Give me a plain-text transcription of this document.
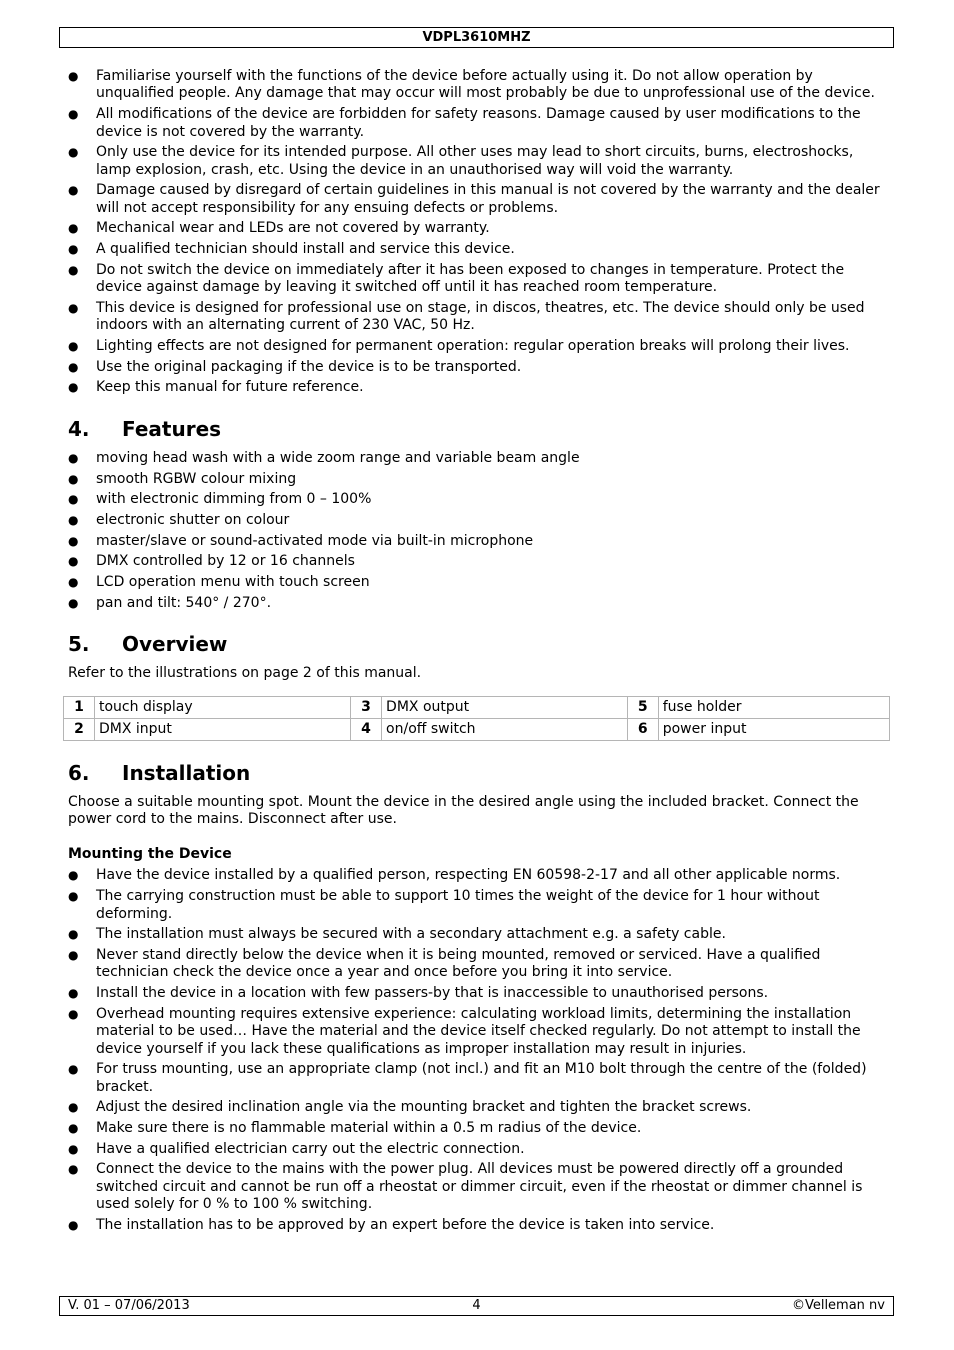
VDPL3610MHZ
● Familiarise yourself with the functions of the device before actually using it. Do not allow operation by unqualified people. Any damage that may occur will most probably be due to unprofessional use of the device.
● All modifications of the device are forbidden for safety reasons. Damage caused by user modifications to the device is not covered by the warranty.
● Only use the device for its intended purpose. All other uses may lead to short circuits, burns, electroshocks, lamp explosion, crash, etc. Using the device in an unauthorised way will void the warranty.
● Damage caused by disregard of certain guidelines in this manual is not covered by the warranty and the dealer will not accept responsibility for any ensuing defects or problems.
● Mechanical wear and LEDs are not covered by warranty.
● A qualified technician should install and service this device.
● Do not switch the device on immediately after it has been exposed to changes in temperature. Protect the device against damage by leaving it switched off until it has reached room temperature.
● This device is designed for professional use on stage, in discos, theatres, etc. The device should only be used indoors with an alternating current of 230 VAC, 50 Hz.
● Lighting effects are not designed for permanent operation: regular operation breaks will prolong their lives.
● Use the original packaging if the device is to be transported.
● Keep this manual for future reference.
4. Features
● moving head wash with a wide zoom range and variable beam angle
● smooth RGBW colour mixing
● with electronic dimming from 0 – 100%
● electronic shutter on colour
● master/slave or sound-activated mode via built-in microphone
● DMX controlled by 12 or 16 channels
● LCD operation menu with touch screen
● pan and tilt: 540° / 270°.
5. Overview

Refer to the illustrations on page 2 of this manual.

1	touch display	3	DMX output	5	fuse holder
2	DMX input	4	on/off switch	6	power input
6. Installation

Choose a suitable mounting spot. Mount the device in the desired angle using the included bracket. Connect the power cord to the mains. Disconnect after use.

Mounting the Device
● Have the device installed by a qualified person, respecting EN 60598-2-17 and all other applicable norms.
● The carrying construction must be able to support 10 times the weight of the device for 1 hour without deforming.
● The installation must always be secured with a secondary attachment e.g. a safety cable.
● Never stand directly below the device when it is being mounted, removed or serviced. Have a qualified technician check the device once a year and once before you bring it into service.
● Install the device in a location with few passers-by that is inaccessible to unauthorised persons.
● Overhead mounting requires extensive experience: calculating workload limits, determining the installation material to be used… Have the material and the device itself checked regularly. Do not attempt to install the device yourself if you lack these qualifications as improper installation may result in injuries.
● For truss mounting, use an appropriate clamp (not incl.) and fit an M10 bolt through the centre of the (folded) bracket.
● Adjust the desired inclination angle via the mounting bracket and tighten the bracket screws.
● Make sure there is no flammable material within a 0.5 m radius of the device.
● Have a qualified electrician carry out the electric connection.
● Connect the device to the mains with the power plug. All devices must be powered directly off a grounded switched circuit and cannot be run off a rheostat or dimmer circuit, even if the rheostat or dimmer channel is used solely for 0 % to 100 % switching.
● The installation has to be approved by an expert before the device is taken into service.
V. 01 – 07/06/2013	4	©Velleman nv
